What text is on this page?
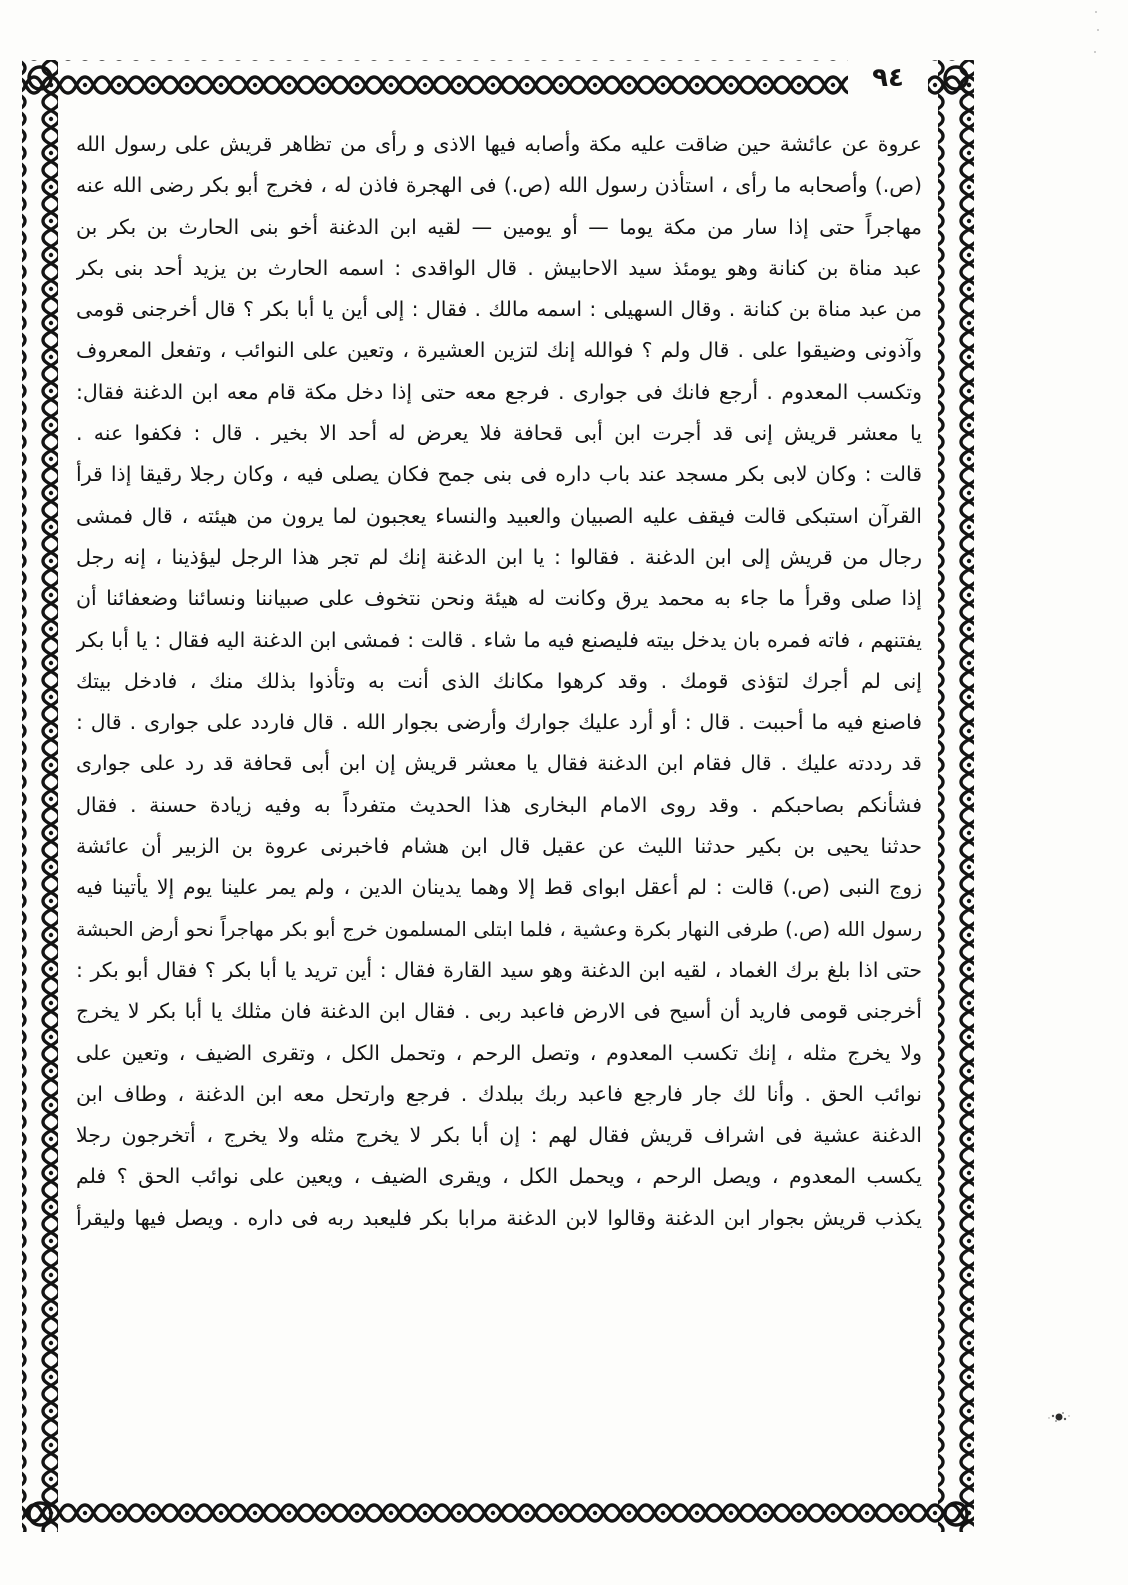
٩٤
عروة عن عائشة حين ضاقت عليه مكة وأصابه فيها الاذى و رأى من تظاهر قريش على رسول الله
(ص.) وأصحابه ما رأى ، استأذن رسول الله (ص.) فى الهجرة فاذن له ، فخرج أبو بكر رضى الله عنه
مهاجراً حتى إذا سار من مكة يوما — أو يومين — لقيه ابن الدغنة أخو بنى الحارث بن بكر بن
عبد مناة بن كنانة وهو يومئذ سيد الاحابيش . قال الواقدى : اسمه الحارث بن يزيد أحد بنى بكر
من عبد مناة بن كنانة . وقال السهيلى : اسمه مالك . فقال : إلى أين يا أبا بكر ؟ قال أخرجنى قومى
وآذونى وضيقوا على . قال ولم ؟ فوالله إنك لتزين العشيرة ، وتعين على النوائب ، وتفعل المعروف
وتكسب المعدوم . أرجع فانك فى جوارى . فرجع معه حتى إذا دخل مكة قام معه ابن الدغنة فقال:
يا معشر قريش إنى قد أجرت ابن أبى قحافة فلا يعرض له أحد الا بخير . قال : فكفوا عنه .
قالت : وكان لابى بكر مسجد عند باب داره فى بنى جمح فكان يصلى فيه ، وكان رجلا رقيقا إذا قرأ
القرآن استبكى قالت فيقف عليه الصبيان والعبيد والنساء يعجبون لما يرون من هيئته ، قال فمشى
رجال من قريش إلى ابن الدغنة . فقالوا : يا ابن الدغنة إنك لم تجر هذا الرجل ليؤذينا ، إنه رجل
إذا صلى وقرأ ما جاء به محمد يرق وكانت له هيئة ونحن نتخوف على صبياننا ونسائنا وضعفائنا أن
يفتنهم ، فاته فمره بان يدخل بيته فليصنع فيه ما شاء . قالت : فمشى ابن الدغنة اليه فقال : يا أبا بكر
إنى لم أجرك لتؤذى قومك . وقد كرهوا مكانك الذى أنت به وتأذوا بذلك منك ، فادخل بيتك
فاصنع فيه ما أحببت . قال : أو أرد عليك جوارك وأرضى بجوار الله . قال فاردد على جوارى . قال :
قد رددته عليك . قال فقام ابن الدغنة فقال يا معشر قريش إن ابن أبى قحافة قد رد على جوارى
فشأنكم بصاحبكم . وقد روى الامام البخارى هذا الحديث متفرداً به وفيه زيادة حسنة . فقال
حدثنا يحيى بن بكير حدثنا الليث عن عقيل قال ابن هشام فاخبرنى عروة بن الزبير أن عائشة
زوج النبى (ص.) قالت : لم أعقل ابواى قط إلا وهما يدينان الدين ، ولم يمر علينا يوم إلا يأتينا فيه
رسول الله (ص.) طرفى النهار بكرة وعشية ، فلما ابتلى المسلمون خرج أبو بكر مهاجراً نحو أرض الحبشة
حتى اذا بلغ برك الغماد ، لقيه ابن الدغنة وهو سيد القارة فقال : أين تريد يا أبا بكر ؟ فقال أبو بكر :
أخرجنى قومى فاريد أن أسيح فى الارض فاعبد ربى . فقال ابن الدغنة فان مثلك يا أبا بكر لا يخرج
ولا يخرج مثله ، إنك تكسب المعدوم ، وتصل الرحم ، وتحمل الكل ، وتقرى الضيف ، وتعين على
نوائب الحق . وأنا لك جار فارجع فاعبد ربك ببلدك . فرجع وارتحل معه ابن الدغنة ، وطاف ابن
الدغنة عشية فى اشراف قريش فقال لهم : إن أبا بكر لا يخرج مثله ولا يخرج ، أتخرجون رجلا
يكسب المعدوم ، ويصل الرحم ، ويحمل الكل ، ويقرى الضيف ، ويعين على نوائب الحق ؟ فلم
يكذب قريش بجوار ابن الدغنة وقالوا لابن الدغنة مرابا بكر فليعبد ربه فى داره . ويصل فيها وليقرأ
